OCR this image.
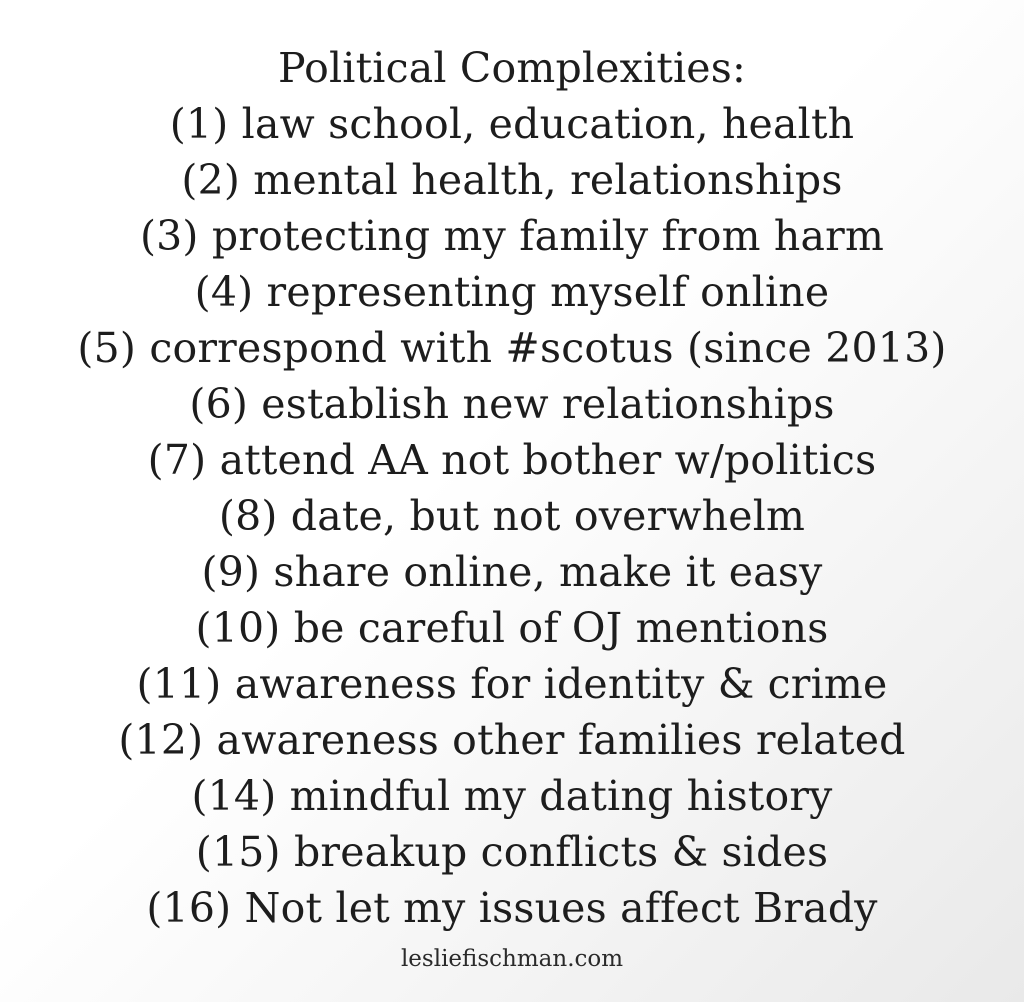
Political Complexities:
(1) law school, education, health
(2) mental health, relationships
(3) protecting my family from harm
(4) representing myself online
(5) correspond with #scotus (since 2013)
(6) establish new relationships
(7) attend AA not bother w/politics
(8) date, but not overwhelm
(9) share online, make it easy
(10) be careful of OJ mentions
(11) awareness for identity & crime
(12) awareness other families related
(14) mindful my dating history
(15) breakup conflicts & sides
(16) Not let my issues affect Brady
lesliefischman.com
